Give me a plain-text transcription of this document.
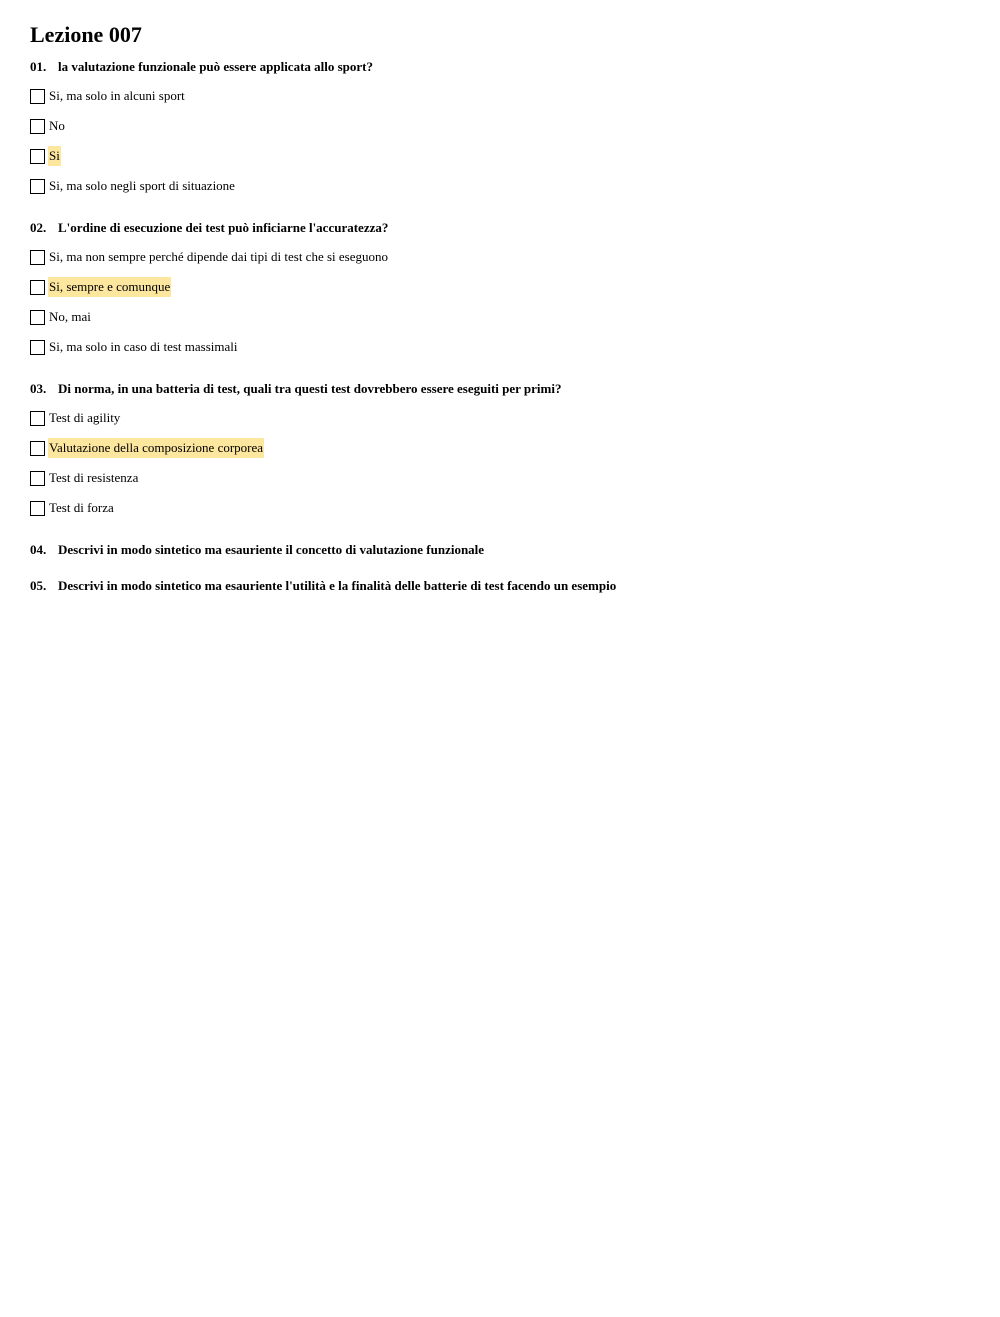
Lezione 007
01. la valutazione funzionale può essere applicata allo sport?
Si, ma solo in alcuni sport
No
Si
Si, ma solo negli sport di situazione
02. L'ordine di esecuzione dei test può inficiarne l'accuratezza?
Si, ma non sempre perché dipende dai tipi di test che si eseguono
Si, sempre e comunque
No, mai
Si, ma solo in caso di test massimali
03. Di norma, in una batteria di test, quali tra questi test dovrebbero essere eseguiti per primi?
Test di agility
Valutazione della composizione corporea
Test di resistenza
Test di forza
04. Descrivi in modo sintetico ma esauriente il concetto di valutazione funzionale
05. Descrivi in modo sintetico ma esauriente l'utilità e la finalità delle batterie di test facendo un esempio
